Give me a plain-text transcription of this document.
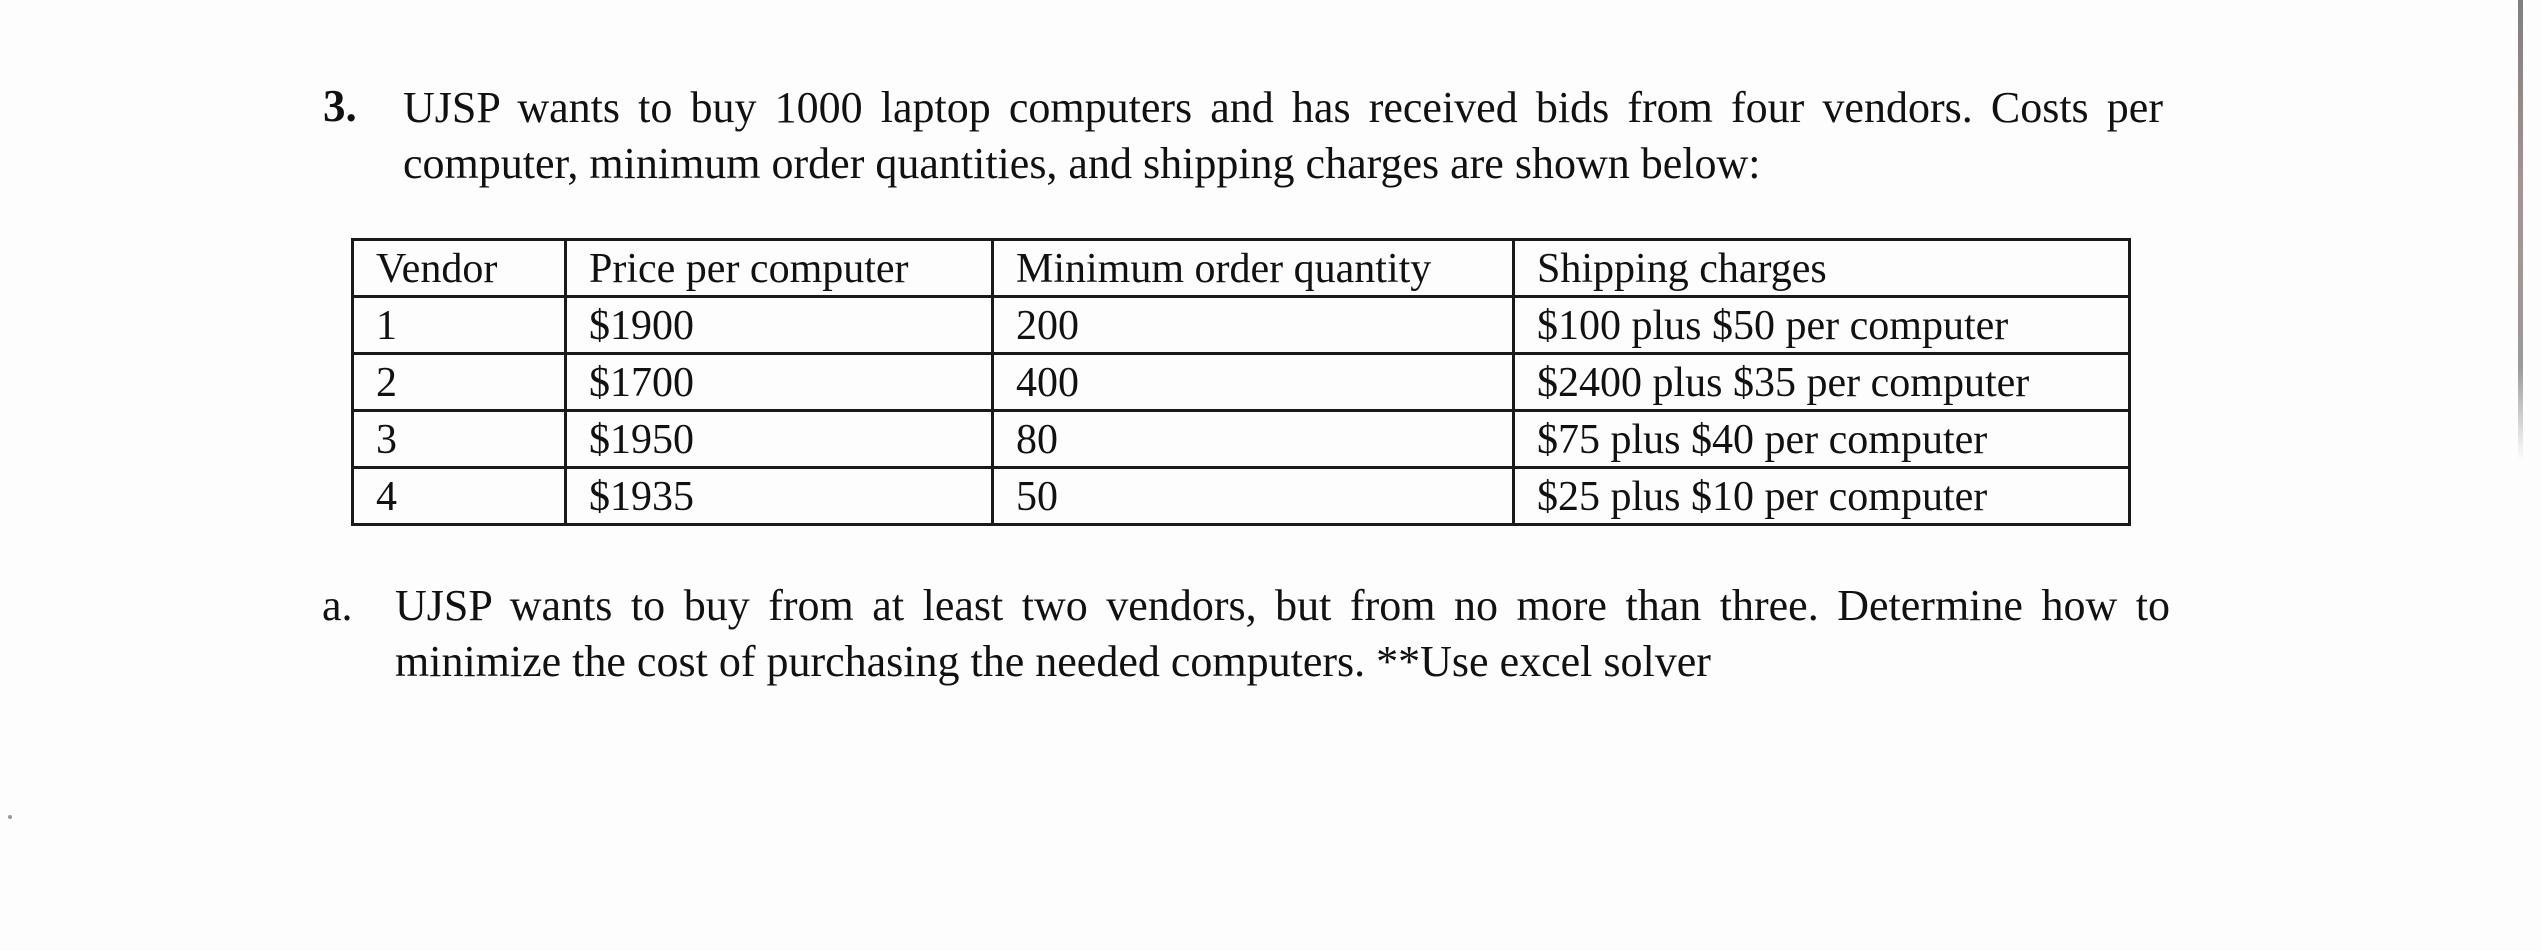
3. UJSP wants to buy 1000 laptop computers and has received bids from four vendors. Costs per computer, minimum order quantities, and shipping charges are shown below:
Vendor	Price per computer	Minimum order quantity	Shipping charges
1	$1900	200	$100 plus $50 per computer
2	$1700	400	$2400 plus $35 per computer
3	$1950	80	$75 plus $40 per computer
4	$1935	50	$25 plus $10 per computer
a. UJSP wants to buy from at least two vendors, but from no more than three. Determine how to minimize the cost of purchasing the needed computers. **Use excel solver
